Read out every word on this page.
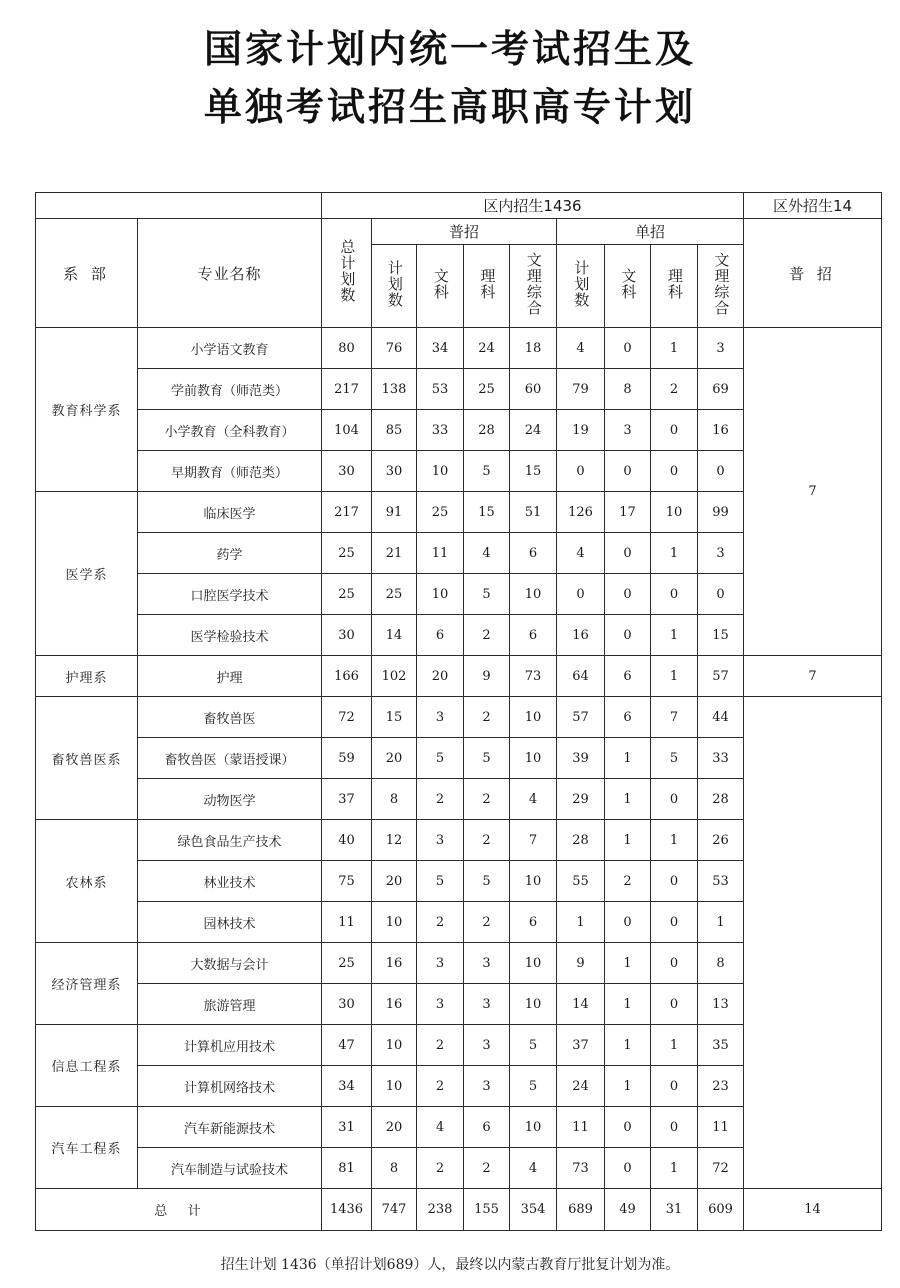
国家计划内统一考试招生及
单独考试招生高职高专计划
		区内招生1436									区外招生14
系 部	专业名称	总计划数	普招				单招				普 招
			计划数	文科	理科	文理综合	计划数	文科	理科	文理综合	
教育科学系	小学语文教育	80	76	34	24	18	4	0	1	3	7
	学前教育（师范类）	217	138	53	25	60	79	8	2	69	
	小学教育（全科教育）	104	85	33	28	24	19	3	0	16	
	早期教育（师范类）	30	30	10	5	15	0	0	0	0	
医学系	临床医学	217	91	25	15	51	126	17	10	99	
	药学	25	21	11	4	6	4	0	1	3	
	口腔医学技术	25	25	10	5	10	0	0	0	0	
	医学检验技术	30	14	6	2	6	16	0	1	15	
护理系	护理	166	102	20	9	73	64	6	1	57	7
畜牧兽医系	畜牧兽医	72	15	3	2	10	57	6	7	44	
	畜牧兽医（蒙语授课）	59	20	5	5	10	39	1	5	33	
	动物医学	37	8	2	2	4	29	1	0	28	
农林系	绿色食品生产技术	40	12	3	2	7	28	1	1	26	
	林业技术	75	20	5	5	10	55	2	0	53	
	园林技术	11	10	2	2	6	1	0	0	1	
经济管理系	大数据与会计	25	16	3	3	10	9	1	0	8	
	旅游管理	30	16	3	3	10	14	1	0	13	
信息工程系	计算机应用技术	47	10	2	3	5	37	1	1	35	
	计算机网络技术	34	10	2	3	5	24	1	0	23	
汽车工程系	汽车新能源技术	31	20	4	6	10	11	0	0	11	
	汽车制造与试验技术	81	8	2	2	4	73	0	1	72	
总   计		1436	747	238	155	354	689	49	31	609	14
招生计划 1436（单招计划689）人，最终以内蒙古教育厅批复计划为准。
